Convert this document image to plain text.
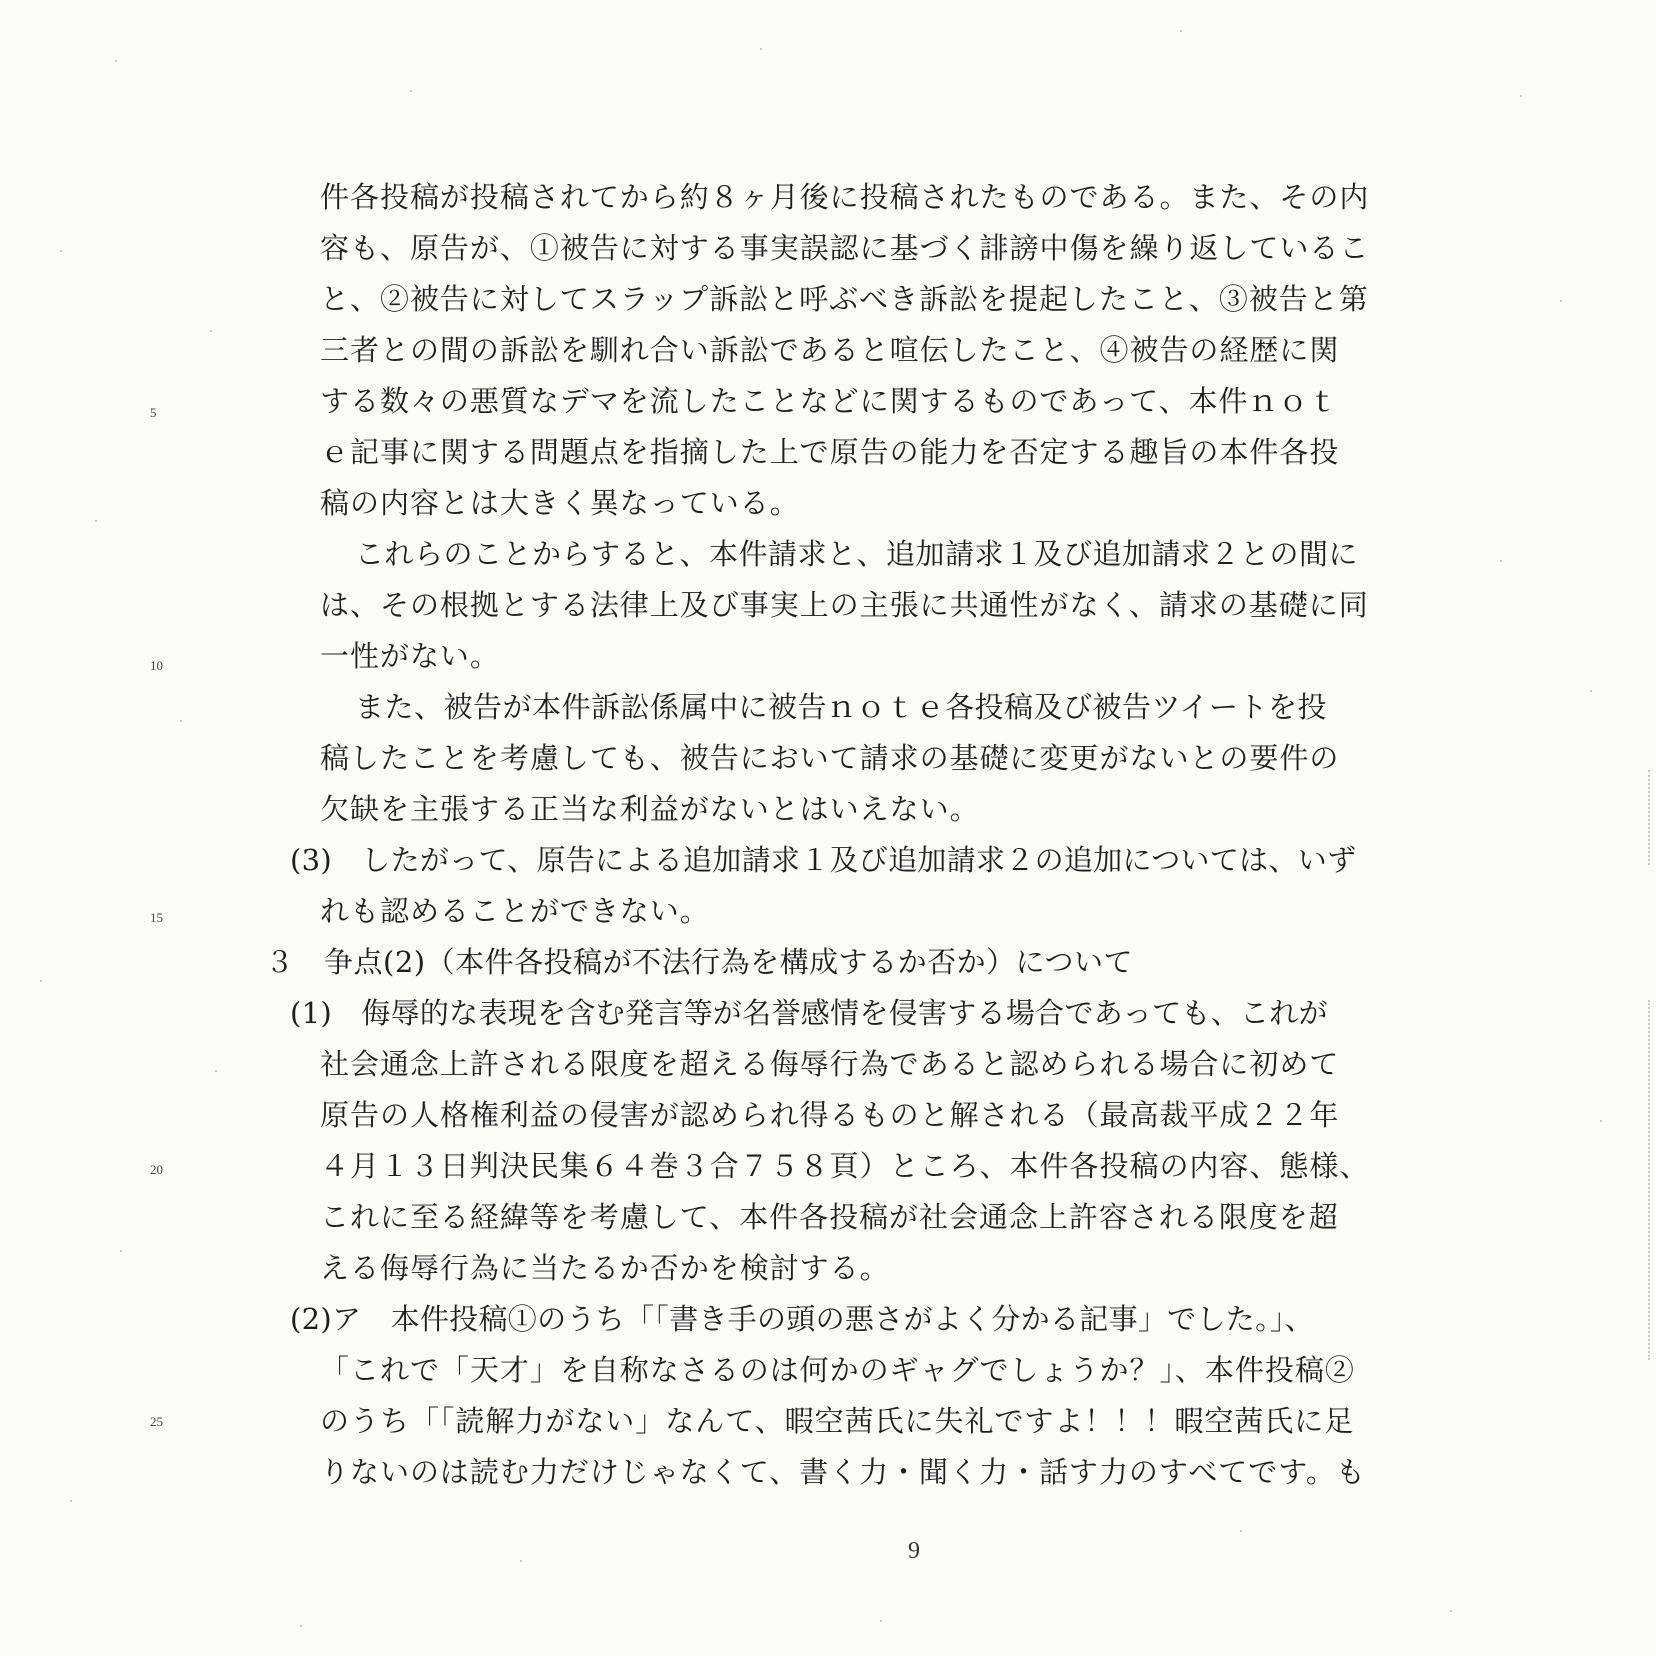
件各投稿が投稿されてから約８ヶ月後に投稿されたものである。また、その内
容も、原告が、①被告に対する事実誤認に基づく誹謗中傷を繰り返しているこ
と、②被告に対してスラップ訴訟と呼ぶべき訴訟を提起したこと、③被告と第
三者との間の訴訟を馴れ合い訴訟であると喧伝したこと、④被告の経歴に関
する数々の悪質なデマを流したことなどに関するものであって、本件ｎｏｔ
ｅ記事に関する問題点を指摘した上で原告の能力を否定する趣旨の本件各投
稿の内容とは大きく異なっている。
これらのことからすると、本件請求と、追加請求１及び追加請求２との間に
は、その根拠とする法律上及び事実上の主張に共通性がなく、請求の基礎に同
一性がない。
また、被告が本件訴訟係属中に被告ｎｏｔｅ各投稿及び被告ツイートを投
稿したことを考慮しても、被告において請求の基礎に変更がないとの要件の
欠缺を主張する正当な利益がないとはいえない。
(3)　したがって、原告による追加請求１及び追加請求２の追加については、いず
れも認めることができない。
３　争点(2)（本件各投稿が不法行為を構成するか否か）について
(1)　侮辱的な表現を含む発言等が名誉感情を侵害する場合であっても、これが
社会通念上許される限度を超える侮辱行為であると認められる場合に初めて
原告の人格権利益の侵害が認められ得るものと解される（最高裁平成２２年
４月１３日判決民集６４巻３合７５８頁）ところ、本件各投稿の内容、態様、
これに至る経緯等を考慮して、本件各投稿が社会通念上許容される限度を超
える侮辱行為に当たるか否かを検討する。
(2)ア　本件投稿①のうち「「書き手の頭の悪さがよく分かる記事」でした。」、
「これで「天才」を自称なさるのは何かのギャグでしょうか？」、本件投稿②
のうち「「読解力がない」なんて、暇空茜氏に失礼ですよ！！！暇空茜氏に足
りないのは読む力だけじゃなくて、書く力・聞く力・話す力のすべてです。も
5
10
15
20
25
9
